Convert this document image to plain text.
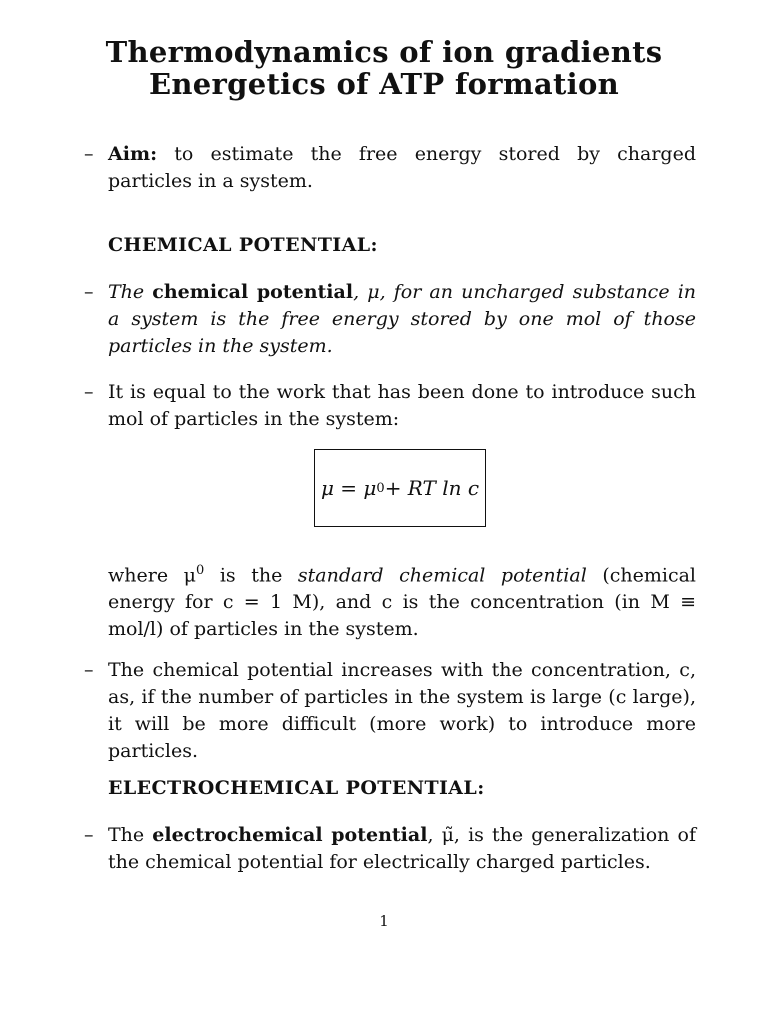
Thermodynamics of ion gradients
Energetics of ATP formation
– Aim: to estimate the free energy stored by charged particles in a system.
CHEMICAL POTENTIAL:
– The chemical potential, μ, for an uncharged substance in a system is the free energy stored by one mol of those particles in the system.
– It is equal to the work that has been done to introduce such mol of particles in the system:
μ = μ 0 + RT ln c
where $\mu^0$ is the standard chemical potential (chemical energy for c = 1 M), and c is the concentration (in M ≡ mol/l) of particles in the system.
– The chemical potential increases with the concentration, c, as, if the number of particles in the system is large (c large), it will be more difficult (more work) to introduce more particles.
ELECTROCHEMICAL POTENTIAL:
– The electrochemical potential, μ̃, is the generalization of the chemical potential for electrically charged particles.
1
